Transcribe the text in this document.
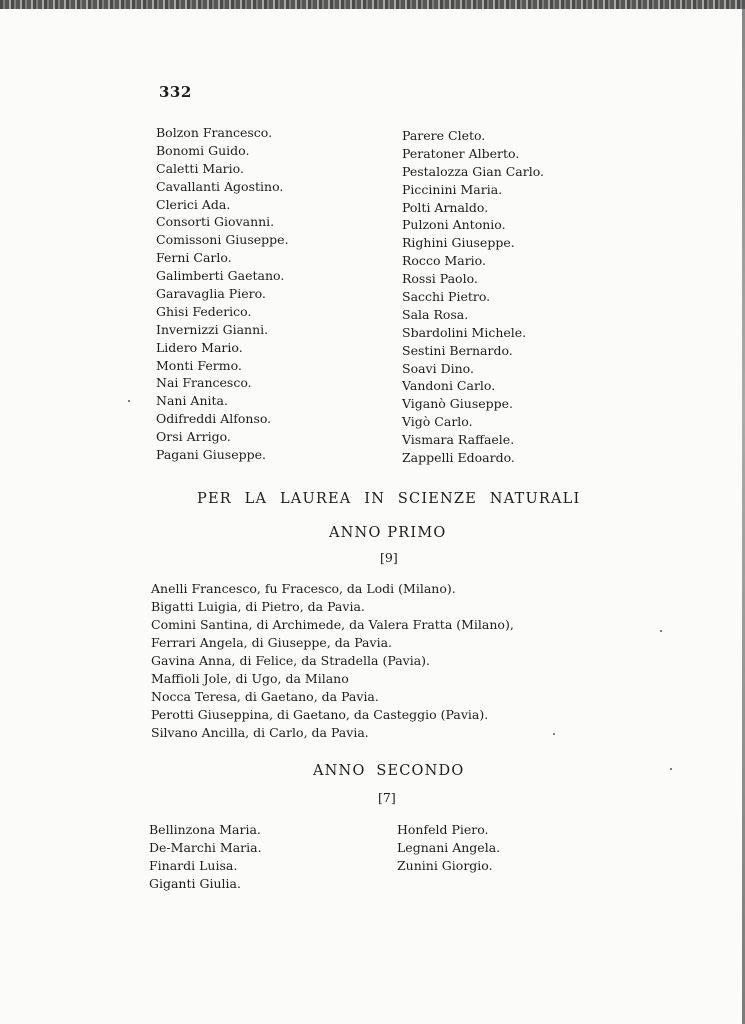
332
Bolzon Francesco.
Bonomi Guido.
Caletti Mario.
Cavallanti Agostino.
Clerici Ada.
Consorti Giovanni.
Comissoni Giuseppe.
Ferni Carlo.
Galimberti Gaetano.
Garavaglia Piero.
Ghisi Federico.
Invernizzi Gianni.
Lidero Mario.
Monti Fermo.
Nai Francesco.
Nani Anita.
Odifreddi Alfonso.
Orsi Arrigo.
Pagani Giuseppe.
Parere Cleto.
Peratoner Alberto.
Pestalozza Gian Carlo.
Piccinini Maria.
Polti Arnaldo.
Pulzoni Antonio.
Righini Giuseppe.
Rocco Mario.
Rossi Paolo.
Sacchi Pietro.
Sala Rosa.
Sbardolini Michele.
Sestini Bernardo.
Soavi Dino.
Vandoni Carlo.
Viganò Giuseppe.
Vigò Carlo.
Vismara Raffaele.
Zappelli Edoardo.
PER LA LAUREA IN SCIENZE NATURALI
ANNO PRIMO
[9]
Anelli Francesco, fu Fracesco, da Lodi (Milano).
Bigatti Luigia, di Pietro, da Pavia.
Comini Santina, di Archimede, da Valera Fratta (Milano),
Ferrari Angela, di Giuseppe, da Pavia.
Gavina Anna, di Felice, da Stradella (Pavia).
Maffioli Jole, di Ugo, da Milano
Nocca Teresa, di Gaetano, da Pavia.
Perotti Giuseppina, di Gaetano, da Casteggio (Pavia).
Silvano Ancilla, di Carlo, da Pavia.
ANNO SECONDO
[7]
Bellinzona Maria.
De-Marchi Maria.
Finardi Luisa.
Giganti Giulia.
Honfeld Piero.
Legnani Angela.
Zunini Giorgio.
